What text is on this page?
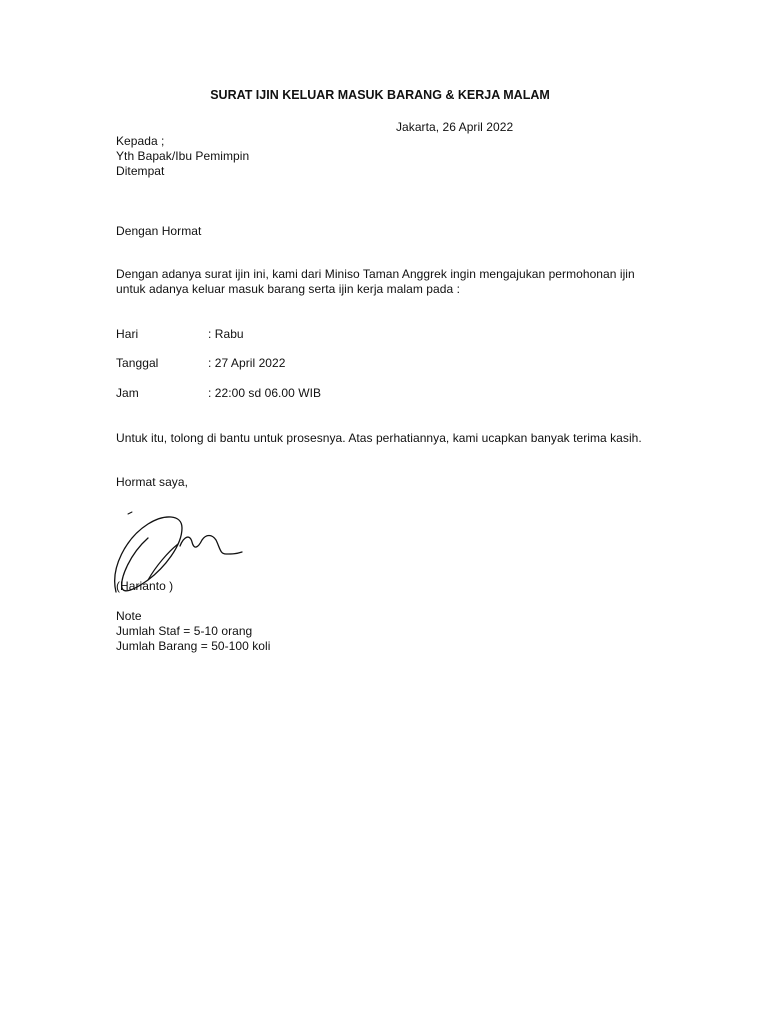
SURAT IJIN KELUAR MASUK BARANG & KERJA MALAM
Jakarta, 26 April 2022
Kepada ;
Yth Bapak/Ibu Pemimpin
Ditempat
Dengan Hormat
Dengan adanya surat ijin ini, kami dari Miniso Taman Anggrek ingin mengajukan permohonan ijin
untuk adanya keluar masuk barang serta ijin kerja malam pada :
Hari	: Rabu
Tanggal	: 27 April 2022
Jam	: 22:00 sd 06.00 WIB
Untuk itu, tolong di bantu untuk prosesnya. Atas perhatiannya, kami ucapkan banyak terima kasih.
Hormat saya,
(Harianto )
Note
Jumlah Staf = 5-10 orang
Jumlah Barang = 50-100 koli
